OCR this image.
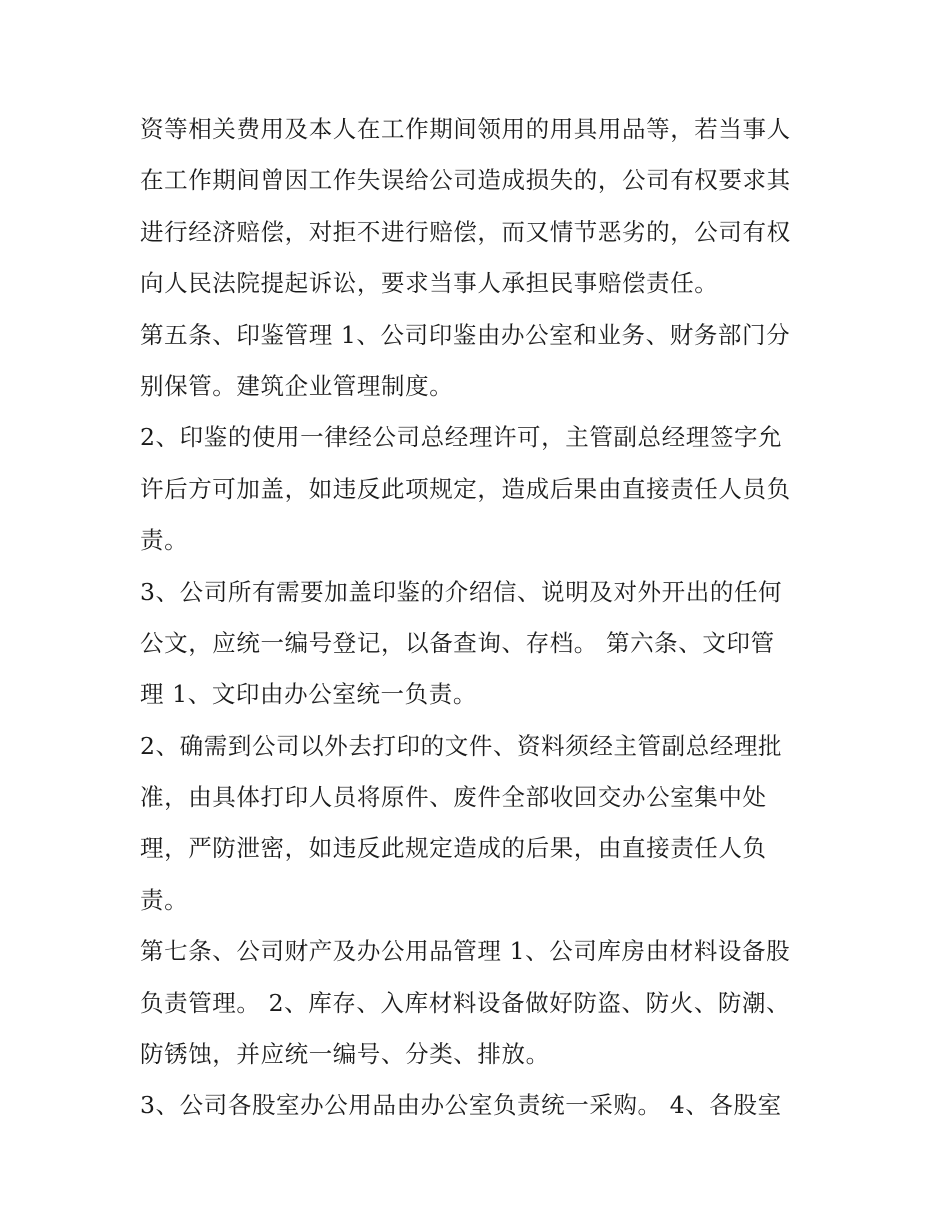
资等相关费用及本人在工作期间领用的用具用品等，若当事人
在工作期间曾因工作失误给公司造成损失的，公司有权要求其
进行经济赔偿，对拒不进行赔偿，而又情节恶劣的，公司有权
向人民法院提起诉讼，要求当事人承担民事赔偿责任。
第五条、印鉴管理 1、公司印鉴由办公室和业务、财务部门分
别保管。建筑企业管理制度。
2、印鉴的使用一律经公司总经理许可，主管副总经理签字允
许后方可加盖，如违反此项规定，造成后果由直接责任人员负
责。
3、公司所有需要加盖印鉴的介绍信、说明及对外开出的任何
公文，应统一编号登记，以备查询、存档。 第六条、文印管
理 1、文印由办公室统一负责。
2、确需到公司以外去打印的文件、资料须经主管副总经理批
准，由具体打印人员将原件、废件全部收回交办公室集中处
理，严防泄密，如违反此规定造成的后果，由直接责任人负
责。
第七条、公司财产及办公用品管理 1、公司库房由材料设备股
负责管理。 2、库存、入库材料设备做好防盗、防火、防潮、
防锈蚀，并应统一编号、分类、排放。
3、公司各股室办公用品由办公室负责统一采购。 4、各股室
